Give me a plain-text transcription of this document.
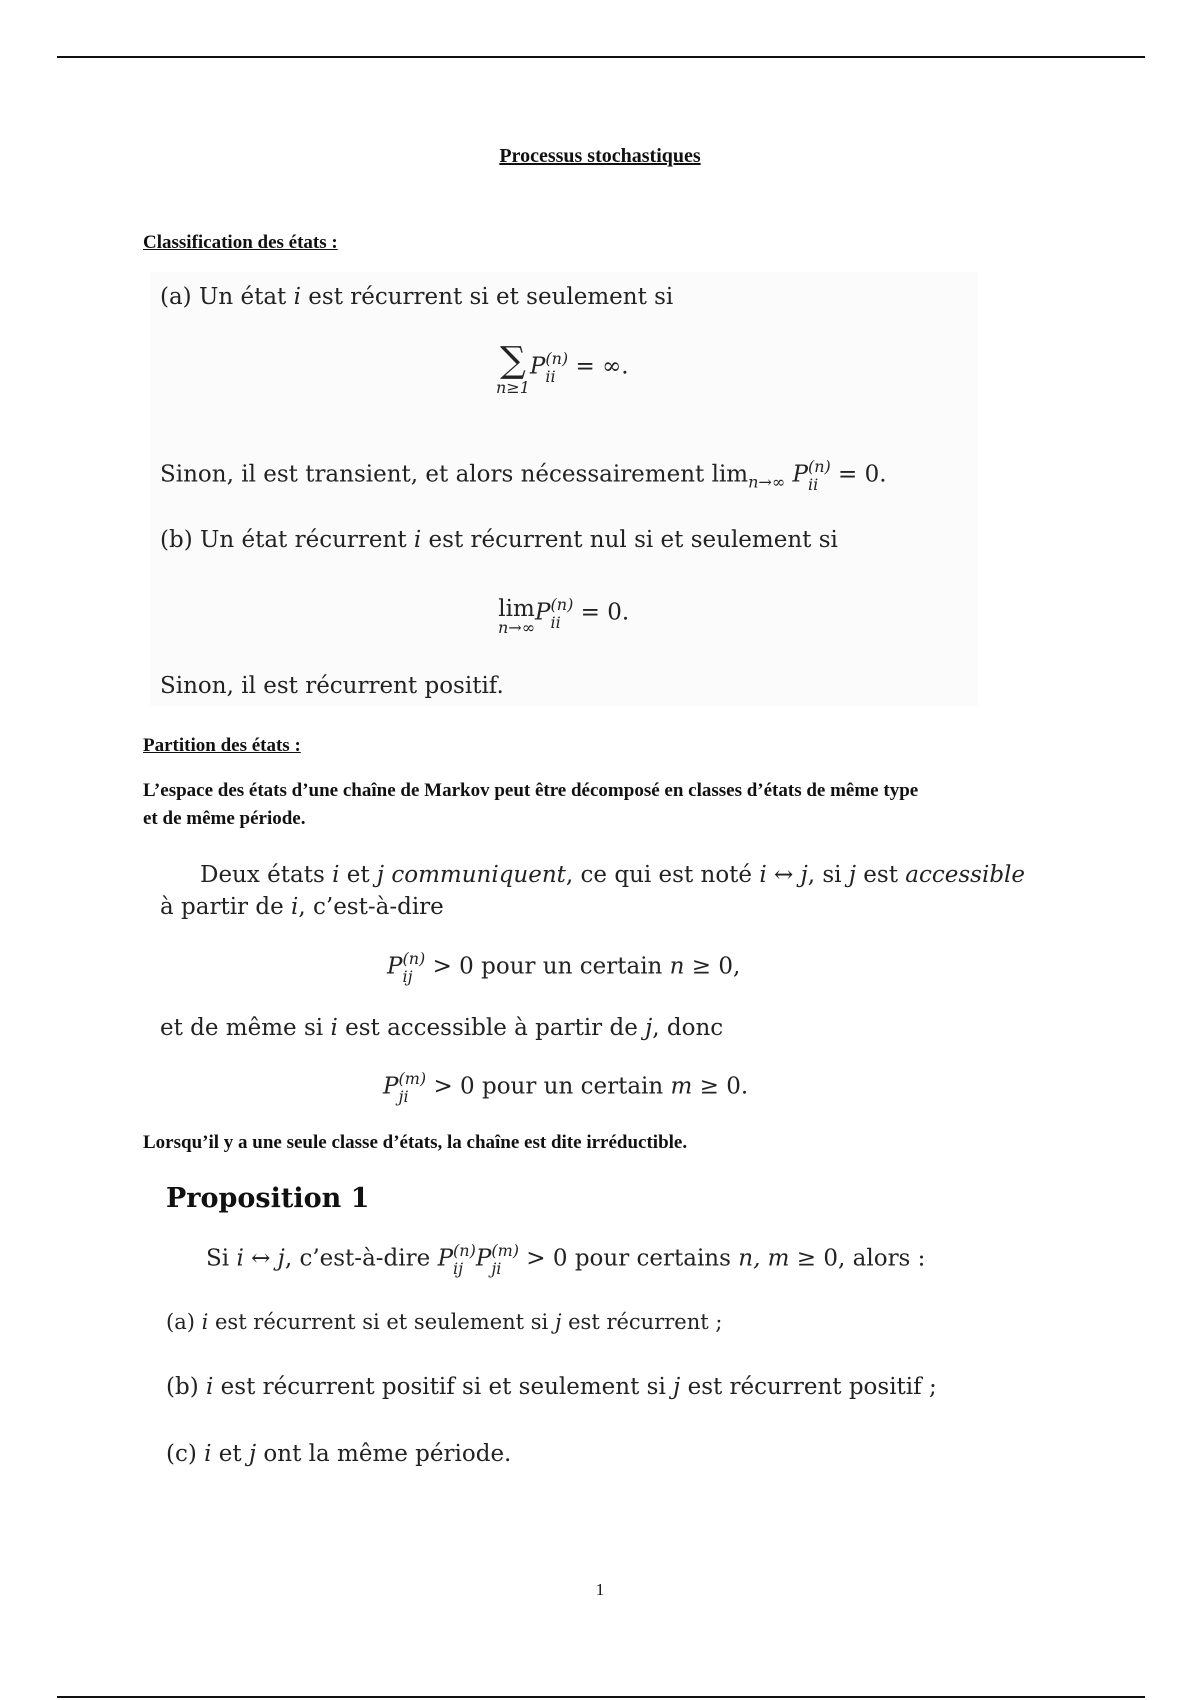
Processus stochastiques
Classification des états :
(a) Un état i est récurrent si et seulement si
∑
n≥1
P (n)
ii = ∞.
Sinon, il est transient, et alors nécessairement $\lim_{n\to\infty} P$ (n)
ii = 0.
(b) Un état récurrent i est récurrent nul si et seulement si
lim
n→∞
P (n)
ii = 0.
Sinon, il est récurrent positif.
Partition des états :
L’espace des états d’une chaîne de Markov peut être décomposé en classes d’états de même type
et de même période.
Deux états i et j communiquent, ce qui est noté i ↔ j, si j est accessible
à partir de i, c’est-à-dire
P (n)
ij > 0 pour un certain n ≥ 0,
et de même si i est accessible à partir de j, donc
P (m)
ji > 0 pour un certain m ≥ 0.
Lorsqu’il y a une seule classe d’états, la chaîne est dite irréductible.
Proposition 1
Si i ↔ j, c’est-à-dire P (n)
ij P (m)
ji > 0 pour certains n, m ≥ 0, alors :
(a) i est récurrent si et seulement si j est récurrent ;
(b) i est récurrent positif si et seulement si j est récurrent positif ;
(c) i et j ont la même période.
1
